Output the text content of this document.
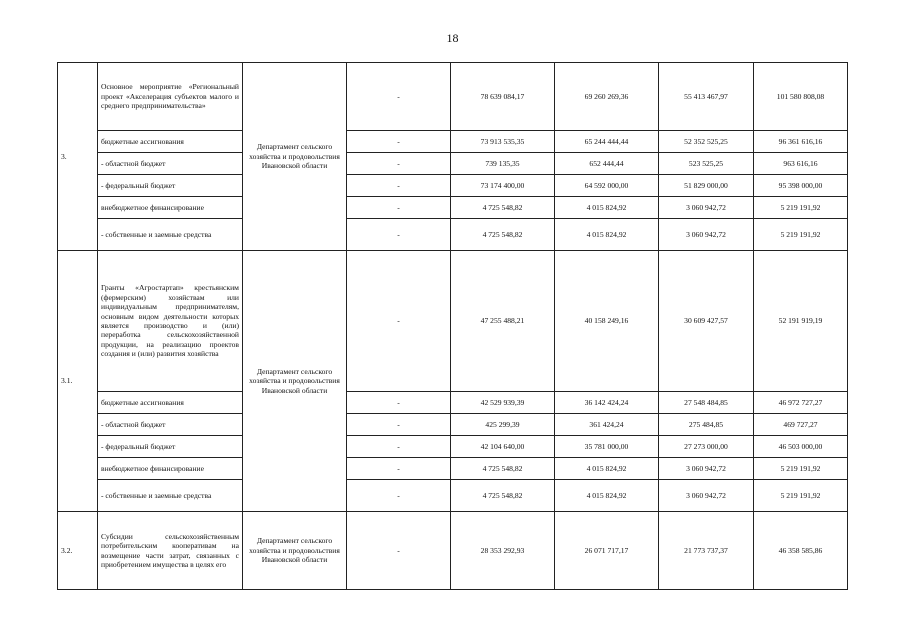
18
3.	Основное мероприятие «Региональный проект «Акселерация субъектов малого и среднего предпринимательства»	Департамент сельского хозяйства и продовольствия Ивановской области	-	78 639 084,17	69 260 269,36	55 413 467,97	101 580 808,08
	бюджетные ассигнования		-	73 913 535,35	65 244 444,44	52 352 525,25	96 361 616,16
	- областной бюджет		-	739 135,35	652 444,44	523 525,25	963 616,16
	- федеральный бюджет		-	73 174 400,00	64 592 000,00	51 829 000,00	95 398 000,00
	внебюджетное финансирование		-	4 725 548,82	4 015 824,92	3 060 942,72	5 219 191,92
	- собственные и заемные средства		-	4 725 548,82	4 015 824,92	3 060 942,72	5 219 191,92
3.1.	Гранты «Агростартап» крестьянским (фермерским) хозяйствам или индивидуальным предпринимателям, основным видом деятельности которых является производство и (или) переработка сельскохозяйственной продукции, на реализацию проектов создания и (или) развития хозяйства	Департамент сельского хозяйства и продовольствия Ивановской области	-	47 255 488,21	40 158 249,16	30 609 427,57	52 191 919,19
	бюджетные ассигнования		-	42 529 939,39	36 142 424,24	27 548 484,85	46 972 727,27
	- областной бюджет		-	425 299,39	361 424,24	275 484,85	469 727,27
	- федеральный бюджет		-	42 104 640,00	35 781 000,00	27 273 000,00	46 503 000,00
	внебюджетное финансирование		-	4 725 548,82	4 015 824,92	3 060 942,72	5 219 191,92
	- собственные и заемные средства		-	4 725 548,82	4 015 824,92	3 060 942,72	5 219 191,92
3.2.	Субсидии сельскохозяйственным потребительским кооперативам на возмещение части затрат, связанных с приобретением имущества в целях его	Департамент сельского хозяйства и продовольствия Ивановской области	-	28 353 292,93	26 071 717,17	21 773 737,37	46 358 585,86
